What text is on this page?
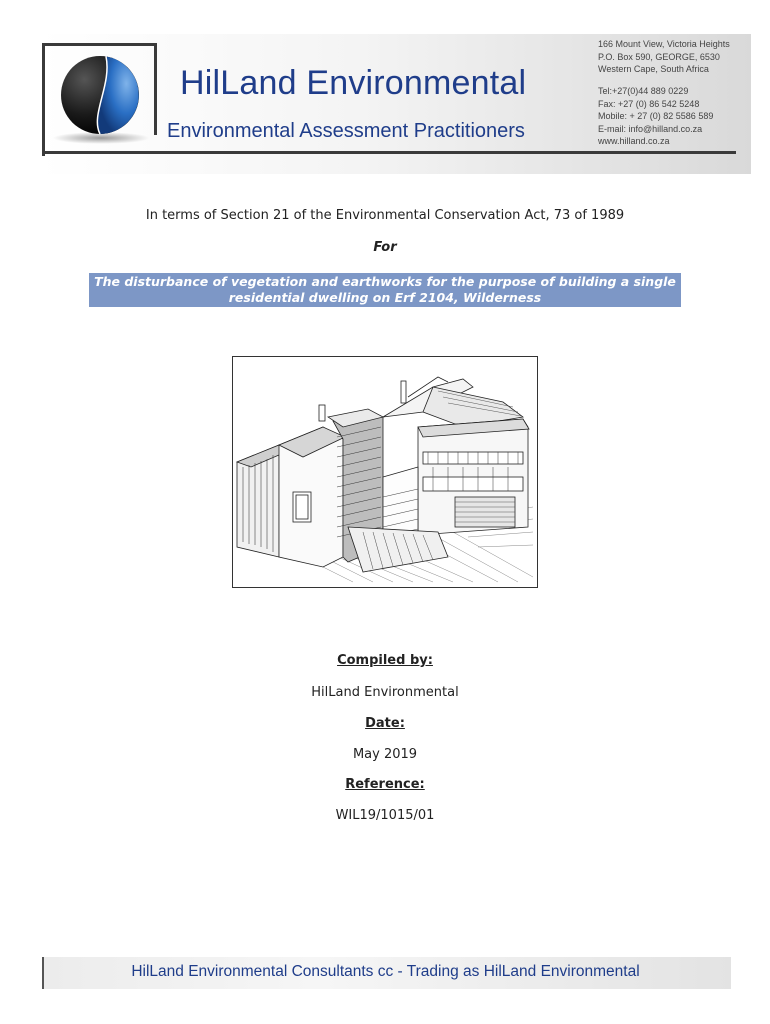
HilLand Environmental
Environmental Assessment Practitioners
166 Mount View, Victoria Heights
P.O. Box 590, GEORGE, 6530
Western Cape, South Africa
Tel:+27(0)44 889 0229
Fax: +27 (0) 86 542 5248
Mobile: + 27 (0) 82 5586 589
E-mail: info@hilland.co.za
www.hilland.co.za
In terms of Section 21 of the Environmental Conservation Act, 73 of 1989
For
The disturbance of vegetation and earthworks for the purpose of building a single
residential dwelling on Erf 2104, Wilderness
Compiled by:
HilLand Environmental
Date:
May 2019
Reference:
WIL19/1015/01
HilLand Environmental Consultants cc - Trading as HilLand Environmental
